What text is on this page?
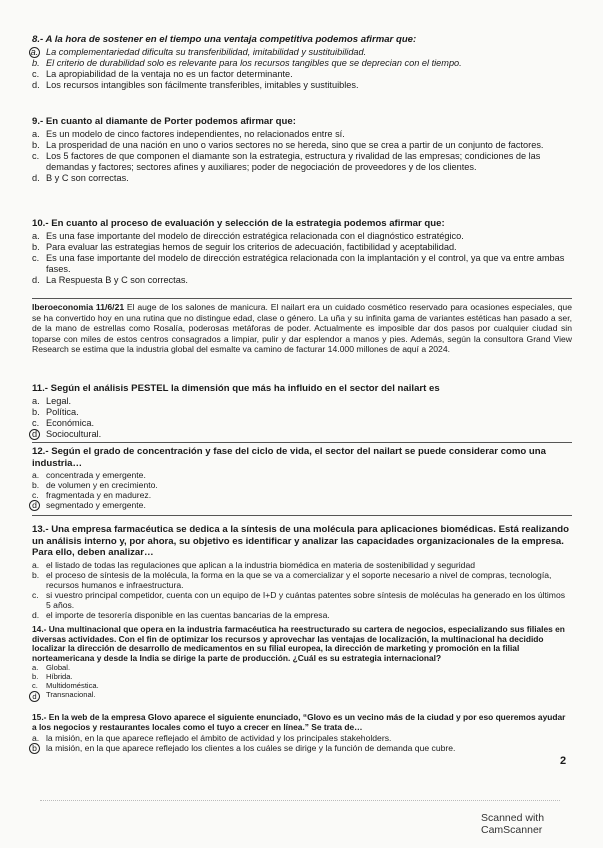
8.- A la hora de sostener en el tiempo una ventaja competitiva podemos afirmar que:
a. La complementariedad dificulta su transferibilidad, imitabilidad y sustituibilidad.
b. El criterio de durabilidad solo es relevante para los recursos tangibles que se deprecian con el tiempo.
c. La apropiabilidad de la ventaja no es un factor determinante.
d. Los recursos intangibles son fácilmente transferibles, imitables y sustituibles.
9.- En cuanto al diamante de Porter podemos afirmar que:
a. Es un modelo de cinco factores independientes, no relacionados entre sí.
b. La prosperidad de una nación en uno o varios sectores no se hereda, sino que se crea a partir de un conjunto de factores.
c. Los 5 factores de que componen el diamante son la estrategia, estructura y rivalidad de las empresas; condiciones de las demandas y factores; sectores afines y auxiliares; poder de negociación de proveedores y de los clientes.
d. B y C son correctas.
10.- En cuanto al proceso de evaluación y selección de la estrategia podemos afirmar que:
a. Es una fase importante del modelo de dirección estratégica relacionada con el diagnóstico estratégico.
b. Para evaluar las estrategias hemos de seguir los criterios de adecuación, factibilidad y aceptabilidad.
c. Es una fase importante del modelo de dirección estratégica relacionada con la implantación y el control, ya que va entre ambas fases.
d. La Respuesta B y C son correctas.
Iberoeconomia 11/6/21 El auge de los salones de manicura. El nailart era un cuidado cosmético reservado para ocasiones especiales, que se ha convertido hoy en una rutina que no distingue edad, clase o género. La uña y su infinita gama de variantes estéticas han pasado a ser, de la mano de estrellas como Rosalía, poderosas metáforas de poder. Actualmente es imposible dar dos pasos por cualquier ciudad sin toparse con miles de estos centros consagrados a limpiar, pulir y dar esplendor a manos y pies. Además, según la consultora Grand View Research se estima que la industria global del esmalte va camino de facturar 14.000 millones de aquí a 2024.
11.- Según el análisis PESTEL la dimensión que más ha influido en el sector del nailart es
a. Legal.
b. Política.
c. Económica.
d Sociocultural.
12.- Según el grado de concentración y fase del ciclo de vida, el sector del nailart se puede considerar como una industria…
a. concentrada y emergente.
b. de volumen y en crecimiento.
c. fragmentada y en madurez.
d	segmentado y emergente.
13.- Una empresa farmacéutica se dedica a la síntesis de una molécula para aplicaciones biomédicas. Está realizando un análisis interno y, por ahora, su objetivo es identificar y analizar las capacidades organizacionales de la empresa. Para ello, deben analizar…
a. el listado de todas las regulaciones que aplican a la industria biomédica en materia de sostenibilidad y seguridad
b. el proceso de síntesis de la molécula, la forma en la que se va a comercializar y el soporte necesario a nivel de compras, tecnología, recursos humanos e infraestructura.
c. si vuestro principal competidor, cuenta con un equipo de I+D y cuántas patentes sobre síntesis de moléculas ha generado en los últimos 5 años.
d. el importe de tesorería disponible en las cuentas bancarias de la empresa.
14.- Una multinacional que opera en la industria farmacéutica ha reestructurado su cartera de negocios, especializando sus filiales en diversas actividades. Con el fin de optimizar los recursos y aprovechar las ventajas de localización, la multinacional ha decidido localizar la dirección de desarrollo de medicamentos en su filial europea, la dirección de marketing y promoción en la filial norteamericana y desde la India se dirige la parte de producción. ¿Cuál es su estrategia internacional?
a.	Global.
b.	Híbrida.
c.	Multidoméstica.
d	Transnacional.
15.- En la web de la empresa Glovo aparece el siguiente enunciado, “Glovo es un vecino más de la ciudad y por eso queremos ayudar a los negocios y restaurantes locales como el tuyo a crecer en línea.” Se trata de…
a. la misión, en la que aparece reflejado el ámbito de actividad y los principales stakeholders.
b	la misión, en la que aparece reflejado los clientes a los cuáles se dirige y la función de demanda que cubre.
2
Scanned with CamScanner
